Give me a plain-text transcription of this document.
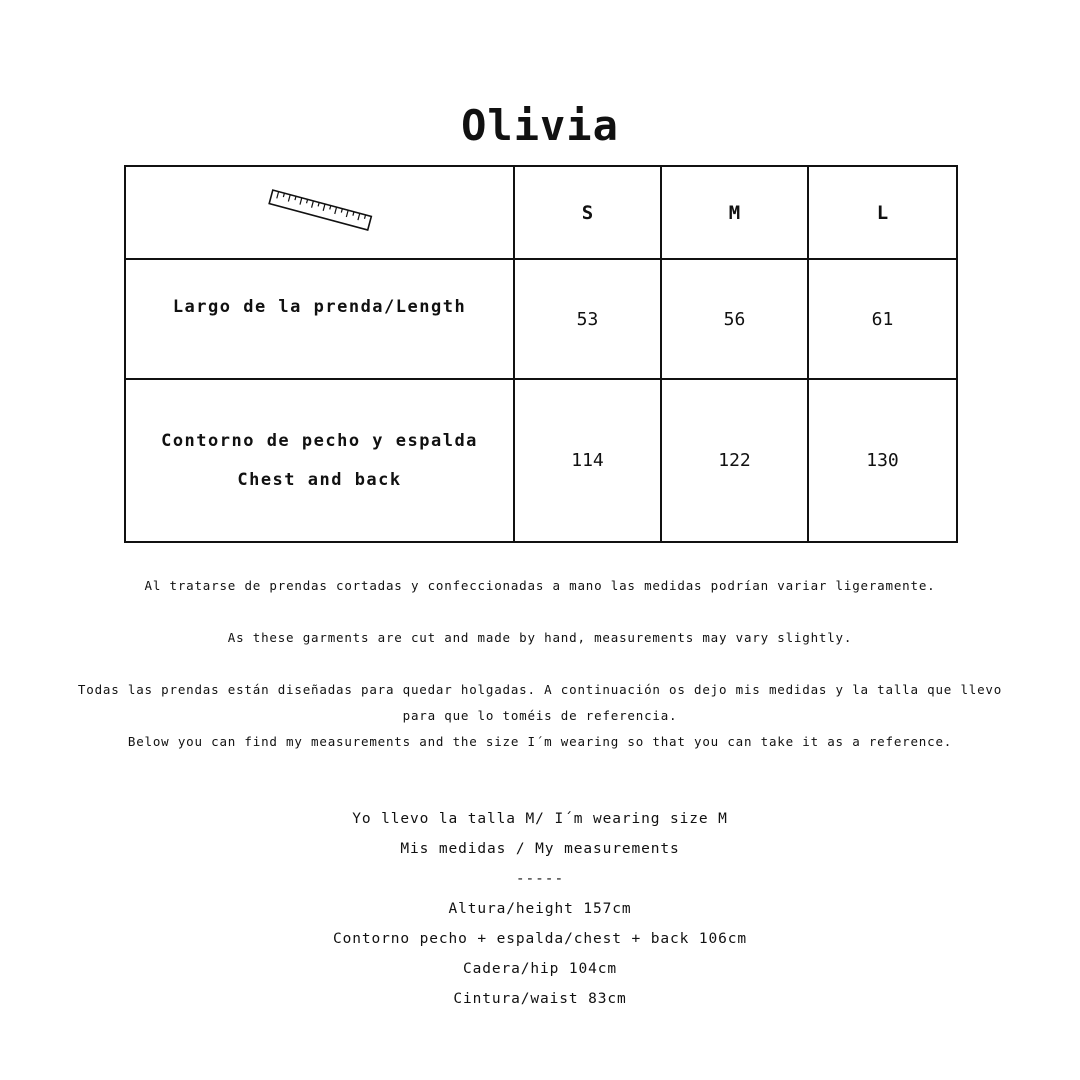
Olivia
	S	M	L

Largo de la prenda/Length	53	56	61

Contorno de pecho y espalda
Chest and back	114	122	130

Al tratarse de prendas cortadas y confeccionadas a mano las medidas podrían variar ligeramente.

As these garments are cut and made by hand, measurements may vary slightly.

Todas las prendas están diseñadas para quedar holgadas. A continuación os dejo mis medidas y la talla que llevo
para que lo toméis de referencia.
Below you can find my measurements and the size I´m wearing so that you can take it as a reference.
Yo llevo la talla M/ I´m wearing size M
Mis medidas / My measurements
-----
Altura/height 157cm
Contorno pecho + espalda/chest + back 106cm
Cadera/hip 104cm
Cintura/waist 83cm
